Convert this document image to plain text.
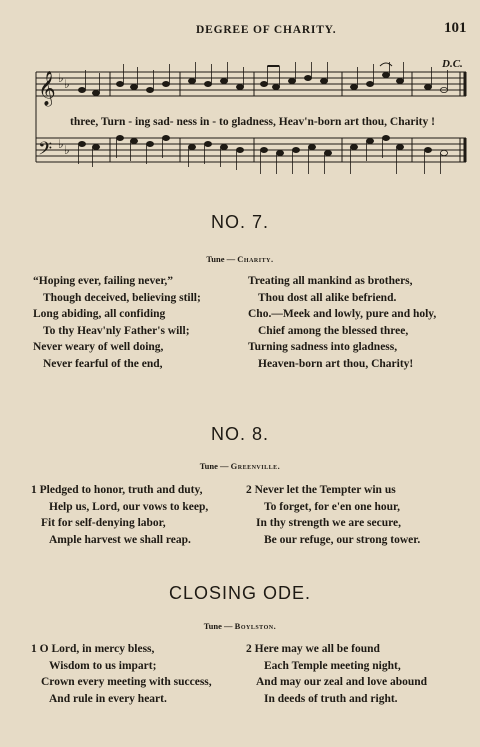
DEGREE OF CHARITY.	101
D.C.
𝄞
𝄢
♭ ♭
♭ ♭
three, Turn - ing sad- ness in - to gladness, Heav'n-born art thou, Charity !
NO. 7.
Tune — Charity.
“Hoping ever, failing never,”
Though deceived, believing still;
Long abiding, all confiding
To thy Heav'nly Father's will;
Never weary of well doing,
Never fearful of the end,
Treating all mankind as brothers,
Thou dost all alike befriend.
Cho.—Meek and lowly, pure and holy,
Chief among the blessed three,
Turning sadness into gladness,
Heaven-born art thou, Charity!
NO. 8.
Tune — Greenville.
1 Pledged to honor, truth and duty,
Help us, Lord, our vows to keep,
Fit for self-denying labor,
Ample harvest we shall reap.
2 Never let the Tempter win us
To forget, for e'en one hour,
In thy strength we are secure,
Be our refuge, our strong tower.
CLOSING ODE.
Tune — Boylston.
1 O Lord, in mercy bless,
Wisdom to us impart;
Crown every meeting with success,
And rule in every heart.
2 Here may we all be found
Each Temple meeting night,
And may our zeal and love abound
In deeds of truth and right.
